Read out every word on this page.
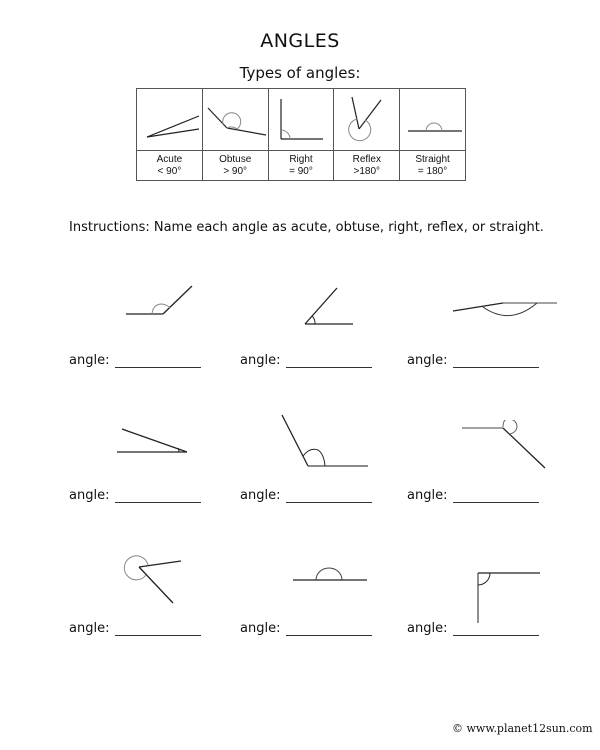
ANGLES
Types of angles:
Acute
< 90°
Obtuse
> 90°
Right
= 90°
Reflex
>180°
Straight
= 180°
Instructions: Name each angle as acute, obtuse, right, reflex, or straight.
angle:	angle:	angle:
angle:	angle:	angle:
angle:	angle:	angle:
© www.planet12sun.com
